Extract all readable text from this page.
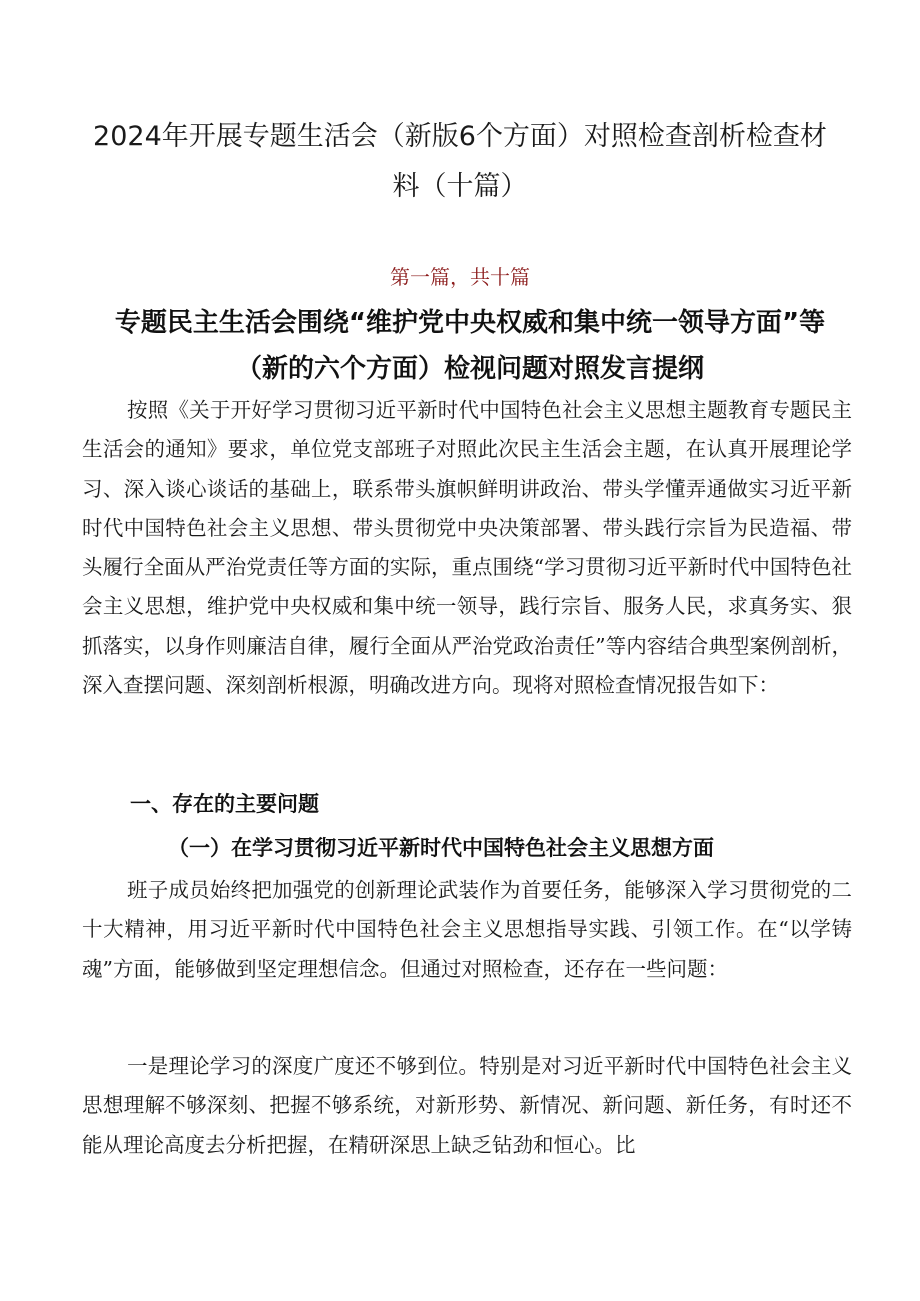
2024年开展专题生活会（新版6个方面）对照检查剖析检查材料（十篇）

第一篇，共十篇

专题民主生活会围绕“维护党中央权威和集中统一领导方面”等（新的六个方面）检视问题对照发言提纲

按照《关于开好学习贯彻习近平新时代中国特色社会主义思想主题教育专题民主生活会的通知》要求，单位党支部班子对照此次民主生活会主题，在认真开展理论学习、深入谈心谈话的基础上，联系带头旗帜鲜明讲政治、带头学懂弄通做实习近平新时代中国特色社会主义思想、带头贯彻党中央决策部署、带头践行宗旨为民造福、带头履行全面从严治党责任等方面的实际，重点围绕“学习贯彻习近平新时代中国特色社会主义思想，维护党中央权威和集中统一领导，践行宗旨、服务人民，求真务实、狠抓落实，以身作则廉洁自律，履行全面从严治党政治责任”等内容结合典型案例剖析，深入查摆问题、深刻剖析根源，明确改进方向。现将对照检查情况报告如下：

一、存在的主要问题
（一）在学习贯彻习近平新时代中国特色社会主义思想方面

班子成员始终把加强党的创新理论武装作为首要任务，能够深入学习贯彻党的二十大精神，用习近平新时代中国特色社会主义思想指导实践、引领工作。在“以学铸魂”方面，能够做到坚定理想信念。但通过对照检查，还存在一些问题：

一是理论学习的深度广度还不够到位。特别是对习近平新时代中国特色社会主义思想理解不够深刻、把握不够系统，对新形势、新情况、新问题、新任务，有时还不能从理论高度去分析把握，在精研深思上缺乏钻劲和恒心。比
